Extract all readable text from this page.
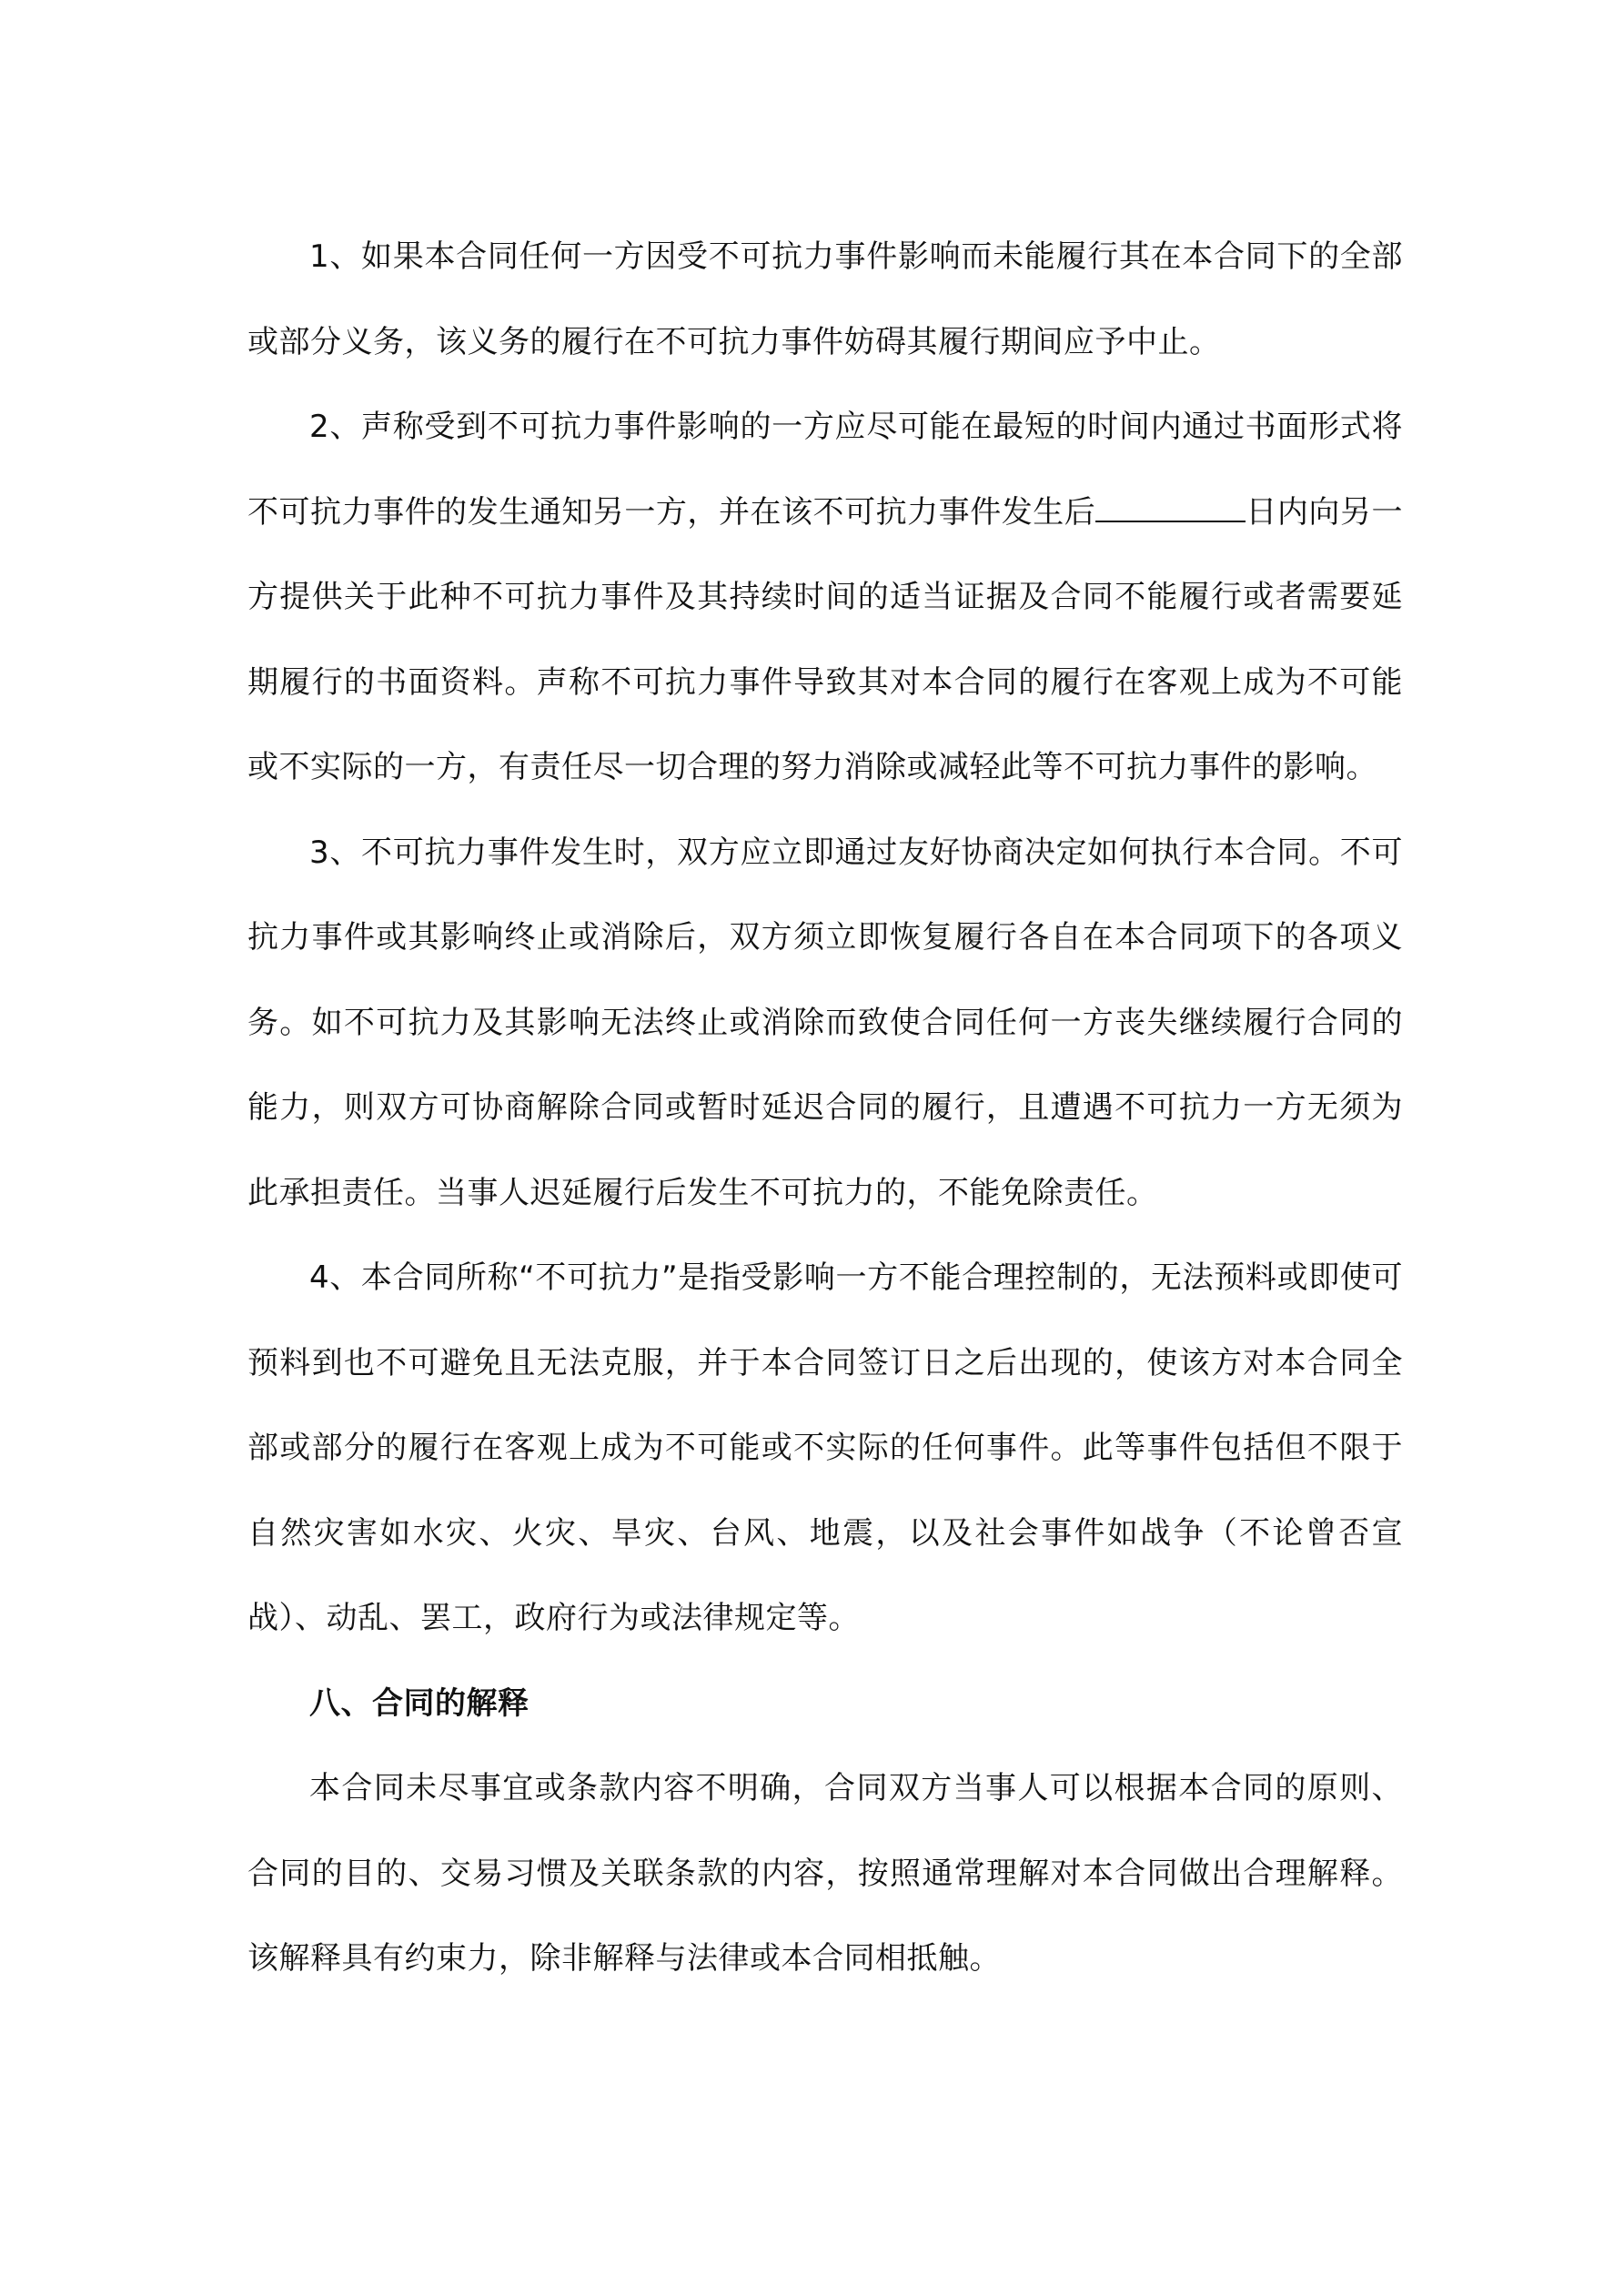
1、如果本合同任何一方因受不可抗力事件影响而未能履行其在本合同下的全部或部分义务，该义务的履行在不可抗力事件妨碍其履行期间应予中止。

2、声称受到不可抗力事件影响的一方应尽可能在最短的时间内通过书面形式将不可抗力事件的发生通知另一方，并在该不可抗力事件发生后	日内向另一方提供关于此种不可抗力事件及其持续时间的适当证据及合同不能履行或者需要延期履行的书面资料。声称不可抗力事件导致其对本合同的履行在客观上成为不可能或不实际的一方，有责任尽一切合理的努力消除或减轻此等不可抗力事件的影响。

3、不可抗力事件发生时，双方应立即通过友好协商决定如何执行本合同。不可抗力事件或其影响终止或消除后，双方须立即恢复履行各自在本合同项下的各项义务。如不可抗力及其影响无法终止或消除而致使合同任何一方丧失继续履行合同的能力，则双方可协商解除合同或暂时延迟合同的履行，且遭遇不可抗力一方无须为此承担责任。当事人迟延履行后发生不可抗力的，不能免除责任。

4、本合同所称“不可抗力”是指受影响一方不能合理控制的，无法预料或即使可预料到也不可避免且无法克服，并于本合同签订日之后出现的，使该方对本合同全部或部分的履行在客观上成为不可能或不实际的任何事件。此等事件包括但不限于自然灾害如水灾、火灾、旱灾、台风、地震，以及社会事件如战争（不论曾否宣战）、动乱、罢工，政府行为或法律规定等。

八、合同的解释

本合同未尽事宜或条款内容不明确，合同双方当事人可以根据本合同的原则、合同的目的、交易习惯及关联条款的内容，按照通常理解对本合同做出合理解释。该解释具有约束力，除非解释与法律或本合同相抵触。
